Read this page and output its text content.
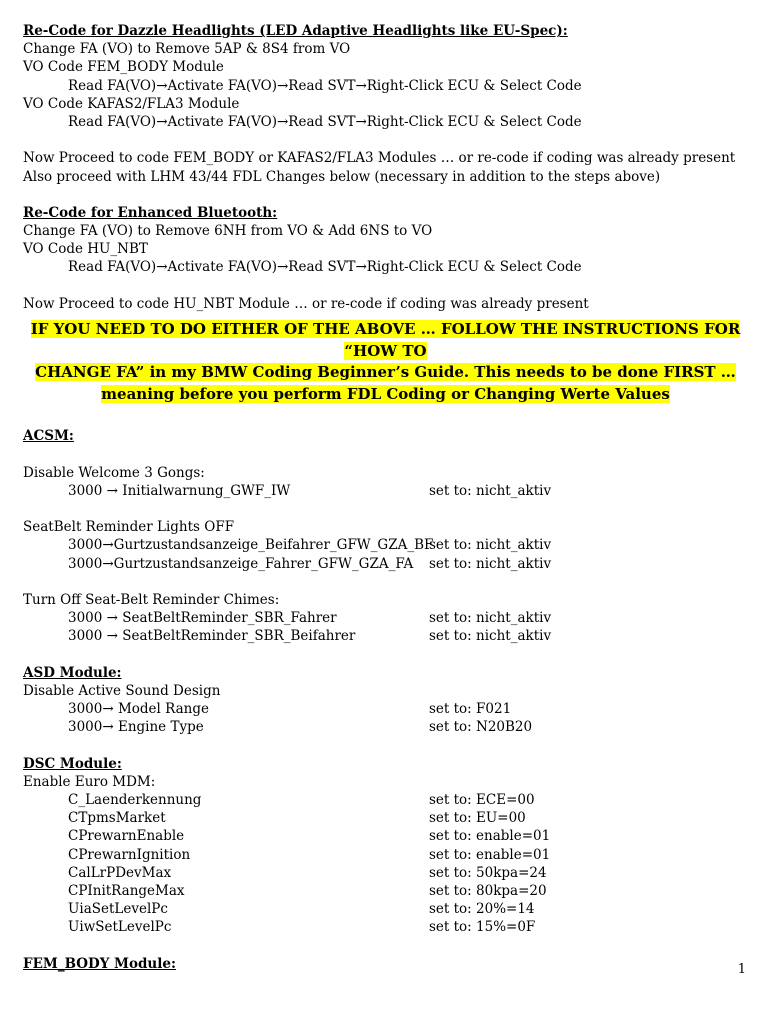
Re-Code for Dazzle Headlights (LED Adaptive Headlights like EU-Spec):
Change FA (VO) to Remove 5AP & 8S4 from VO
VO Code FEM_BODY Module
Read FA(VO)→Activate FA(VO)→Read SVT→Right-Click ECU & Select Code
VO Code KAFAS2/FLA3 Module
Read FA(VO)→Activate FA(VO)→Read SVT→Right-Click ECU & Select Code
Now Proceed to code FEM_BODY or KAFAS2/FLA3 Modules … or re-code if coding was already present
Also proceed with LHM 43/44 FDL Changes below (necessary in addition to the steps above)
Re-Code for Enhanced Bluetooth:
Change FA (VO) to Remove 6NH from VO & Add 6NS to VO
VO Code HU_NBT
Read FA(VO)→Activate FA(VO)→Read SVT→Right-Click ECU & Select Code
Now Proceed to code HU_NBT Module … or re-code if coding was already present
IF YOU NEED TO DO EITHER OF THE ABOVE … FOLLOW THE INSTRUCTIONS FOR “HOW TO
CHANGE FA” in my BMW Coding Beginner’s Guide. This needs to be done FIRST …
meaning before you perform FDL Coding or Changing Werte Values
ACSM:
Disable Welcome 3 Gongs:
3000 → Initialwarnung_GWF_IW	set to: nicht_aktiv
SeatBelt Reminder Lights OFF
3000→Gurtzustandsanzeige_Beifahrer_GFW_GZA_BF
set to: nicht_aktiv
3000→Gurtzustandsanzeige_Fahrer_GFW_GZA_FA set to: nicht_aktiv
Turn Off Seat-Belt Reminder Chimes:
3000 → SeatBeltReminder_SBR_Fahrer	set to: nicht_aktiv
3000 → SeatBeltReminder_SBR_Beifahrer	set to: nicht_aktiv
ASD Module:
Disable Active Sound Design
3000→ Model Range	set to: F021
3000→ Engine Type	set to: N20B20
DSC Module:
Enable Euro MDM:
C_Laenderkennung	set to: ECE=00
CTpmsMarket	set to: EU=00
CPrewarnEnable	set to: enable=01
CPrewarnIgnition	set to: enable=01
CalLrPDevMax	set to: 50kpa=24
CPInitRangeMax	set to: 80kpa=20
UiaSetLevelPc	set to: 20%=14
UiwSetLevelPc	set to: 15%=0F
FEM_BODY Module:	1
